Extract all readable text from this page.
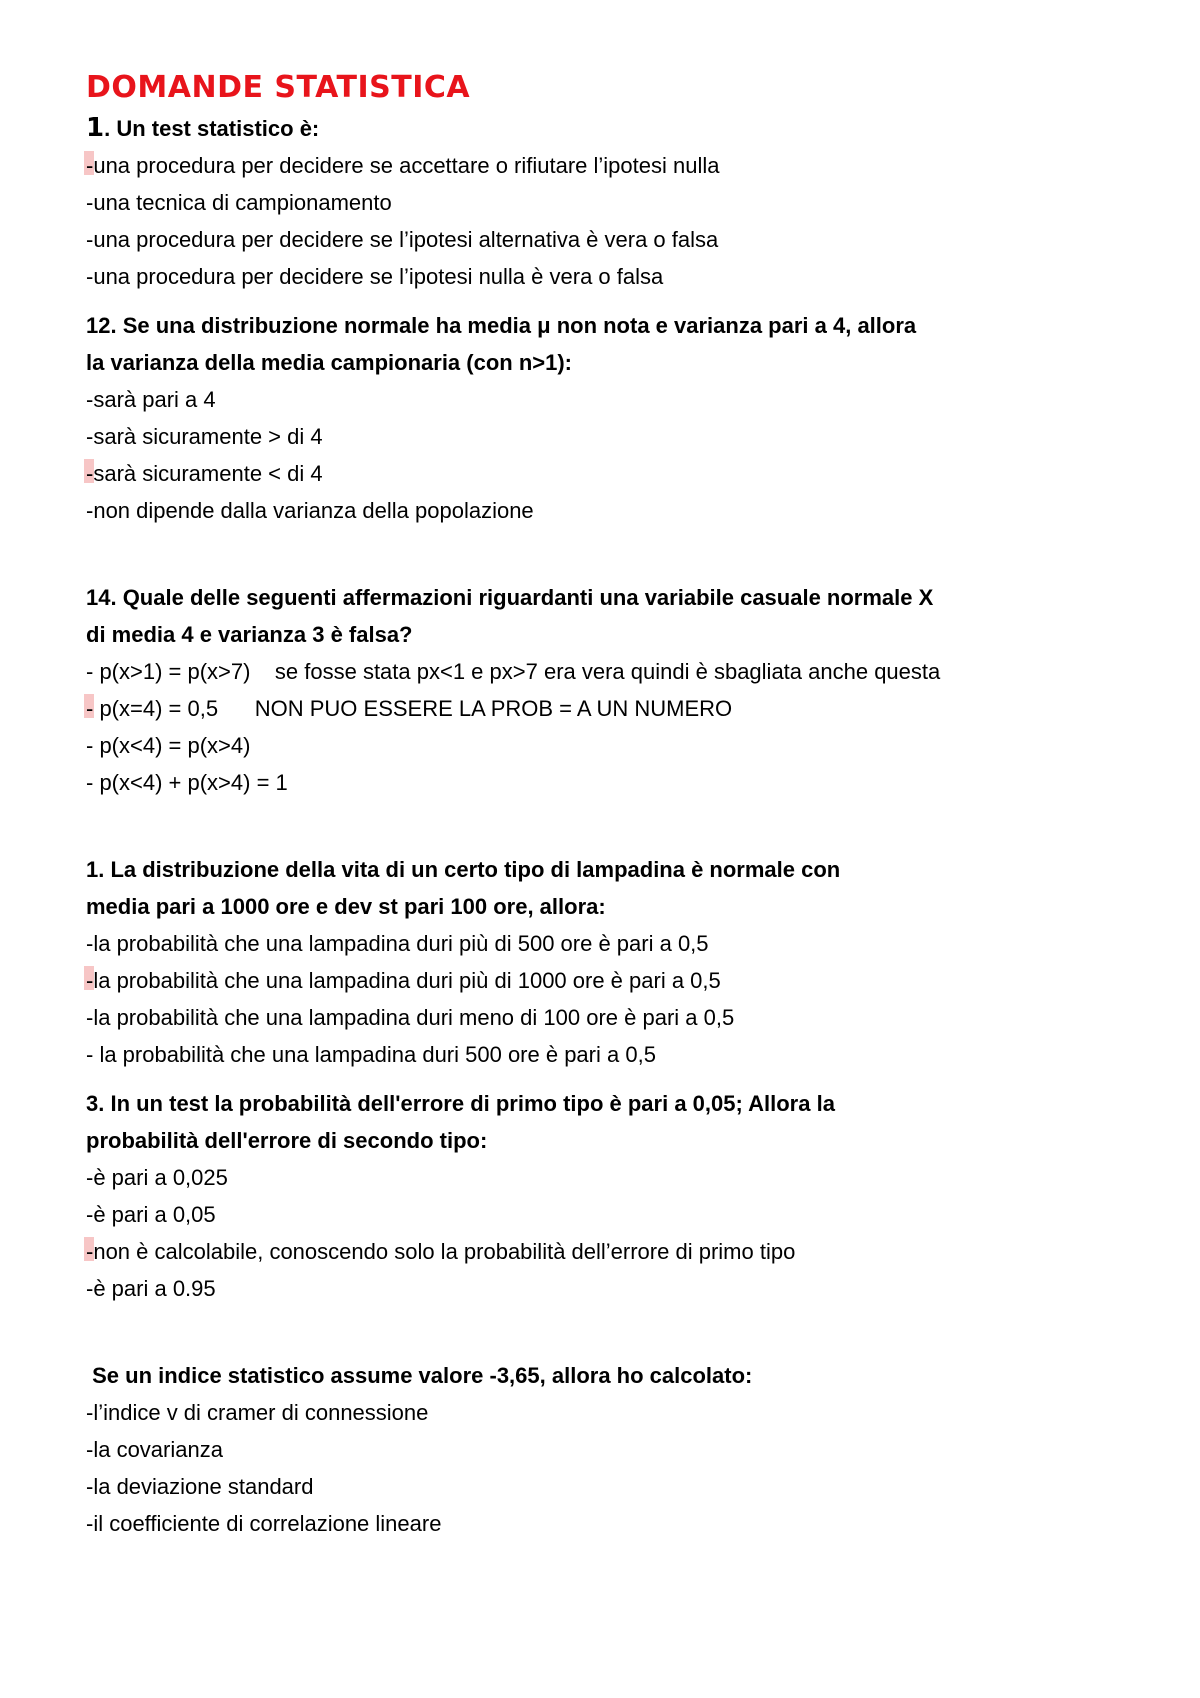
DOMANDE STATISTICA

1. Un test statistico è:

-una procedura per decidere se accettare o rifiutare l’ipotesi nulla

-una tecnica di campionamento

-una procedura per decidere se l’ipotesi alternativa è vera o falsa

-una procedura per decidere se l’ipotesi nulla è vera o falsa

12. Se una distribuzione normale ha media μ non nota e varianza pari a 4, allora

la varianza della media campionaria (con n>1):

-sarà pari a 4

-sarà sicuramente > di 4

-sarà sicuramente < di 4

-non dipende dalla varianza della popolazione

14. Quale delle seguenti affermazioni riguardanti una variabile casuale normale X

di media 4 e varianza 3 è falsa?

- p(x>1) = p(x>7)    se fosse stata px<1 e px>7 era vera quindi è sbagliata anche questa

- p(x=4) = 0,5      NON PUO ESSERE LA PROB = A UN NUMERO

- p(x<4) = p(x>4)

- p(x<4) + p(x>4) = 1

1. La distribuzione della vita di un certo tipo di lampadina è normale con

media pari a 1000 ore e dev st pari 100 ore, allora:

-la probabilità che una lampadina duri più di 500 ore è pari a 0,5

-la probabilità che una lampadina duri più di 1000 ore è pari a 0,5

-la probabilità che una lampadina duri meno di 100 ore è pari a 0,5

- la probabilità che una lampadina duri 500 ore è pari a 0,5

3. In un test la probabilità dell'errore di primo tipo è pari a 0,05; Allora la

probabilità dell'errore di secondo tipo:

-è pari a 0,025

-è pari a 0,05

-non è calcolabile, conoscendo solo la probabilità dell’errore di primo tipo

-è pari a 0.95

Se un indice statistico assume valore -3,65, allora ho calcolato:

-l’indice v di cramer di connessione

-la covarianza

-la deviazione standard

-il coefficiente di correlazione lineare
